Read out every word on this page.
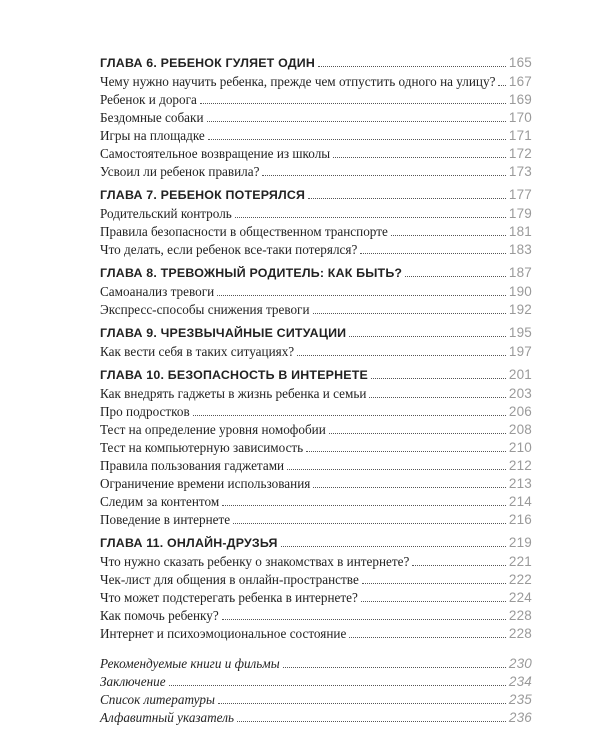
ГЛАВА 6. РЕБЕНОК ГУЛЯЕТ ОДИН	165
Чему нужно научить ребенка, прежде чем отпустить одного на улицу? 167
Ребенок и дорога	169
Бездомные собаки	170
Игры на площадке	171
Самостоятельное возвращение из школы	172
Усвоил ли ребенок правила?	173
ГЛАВА 7. РЕБЕНОК ПОТЕРЯЛСЯ	177
Родительский контроль	179
Правила безопасности в общественном транспорте	181
Что делать, если ребенок все-таки потерялся?	183
ГЛАВА 8. ТРЕВОЖНЫЙ РОДИТЕЛЬ: КАК БЫТЬ?	187
Самоанализ тревоги	190
Экспресс-способы снижения тревоги	192
ГЛАВА 9. ЧРЕЗВЫЧАЙНЫЕ СИТУАЦИИ	195
Как вести себя в таких ситуациях?	197
ГЛАВА 10. БЕЗОПАСНОСТЬ В ИНТЕРНЕТЕ	201
Как внедрять гаджеты в жизнь ребенка и семьи	203
Про подростков	206
Тест на определение уровня номофобии	208
Тест на компьютерную зависимость	210
Правила пользования гаджетами	212
Ограничение времени использования	213
Следим за контентом	214
Поведение в интернете	216
ГЛАВА 11. ОНЛАЙН-ДРУЗЬЯ	219
Что нужно сказать ребенку о знакомствах в интернете?	221
Чек-лист для общения в онлайн-пространстве	222
Что может подстерегать ребенка в интернете?	224
Как помочь ребенку?	228
Интернет и психоэмоциональное состояние	228
Рекомендуемые книги и фильмы	230
Заключение	234
Список литературы	235
Алфавитный указатель	236
